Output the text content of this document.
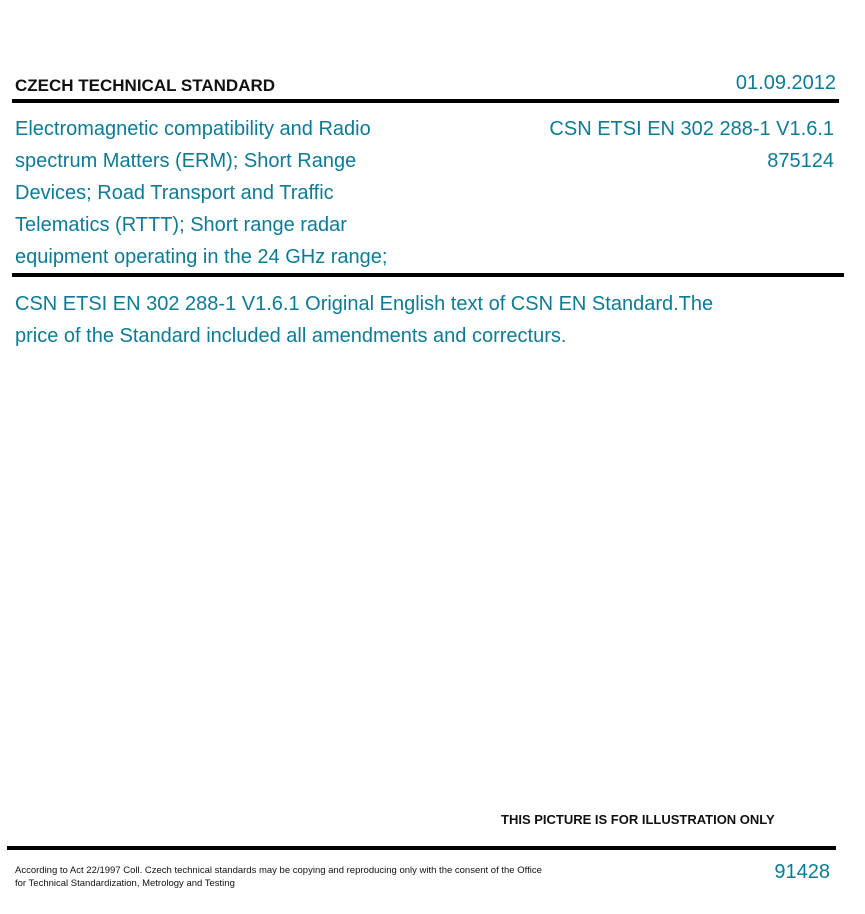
CZECH TECHNICAL STANDARD	01.09.2012
Electromagnetic compatibility and Radio
spectrum Matters (ERM); Short Range
Devices; Road Transport and Traffic
Telematics (RTTT); Short range radar
equipment operating in the 24 GHz range;
CSN ETSI EN 302 288-1 V1.6.1
875124
CSN ETSI EN 302 288-1 V1.6.1 Original English text of CSN EN Standard.The
price of the Standard included all amendments and correcturs.
THIS PICTURE IS FOR ILLUSTRATION ONLY
According to Act 22/1997 Coll. Czech technical standards may be copying and reproducing only with the consent of the Office
for Technical Standardization, Metrology and Testing
91428
